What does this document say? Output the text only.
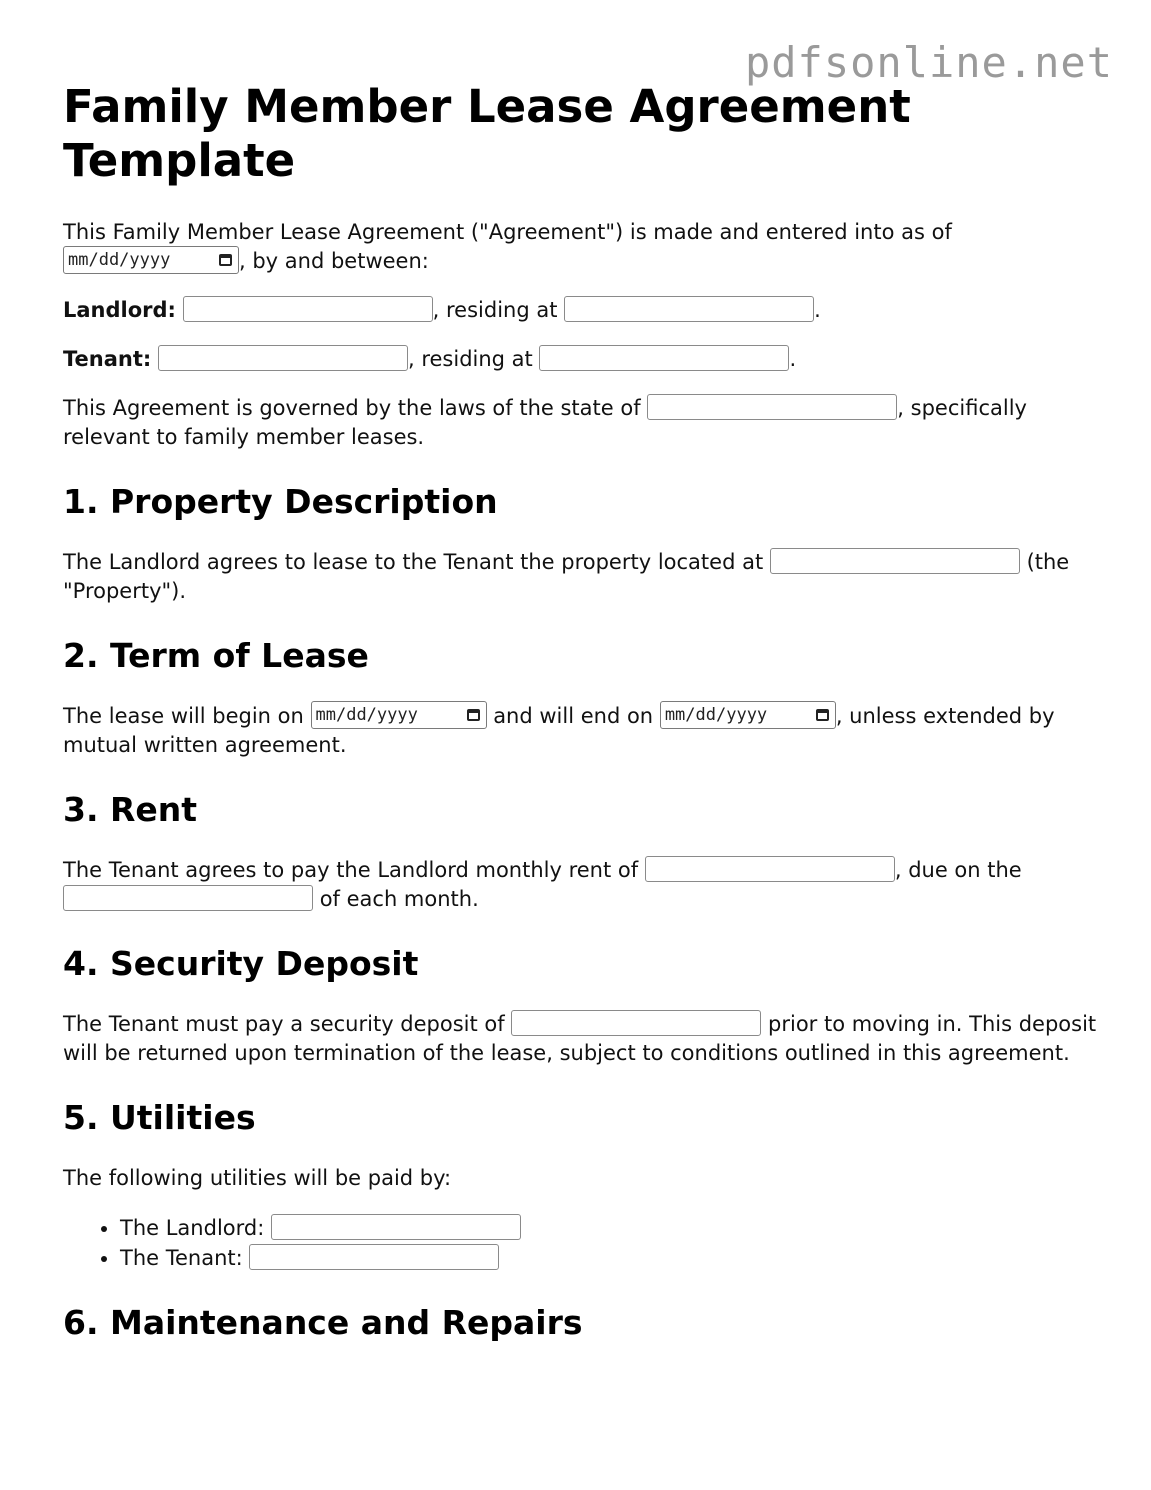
pdfsonline.net
Family Member Lease Agreement Template

This Family Member Lease Agreement ("Agreement") is made and entered into as of
mm/dd/yyyy	, by and between:

Landlord:	, residing at	.

Tenant:	, residing at	.

This Agreement is governed by the laws of the state of	, specifically relevant to family member leases.

1. Property Description

The Landlord agrees to lease to the Tenant the property located at	(the "Property").

2. Term of Lease

The lease will begin on mm/dd/yyyy	and will end on mm/dd/yyyy	, unless extended by mutual written agreement.

3. Rent

The Tenant agrees to pay the Landlord monthly rent of	, due on the  of each month.

4. Security Deposit

The Tenant must pay a security deposit of	prior to moving in. This deposit will be returned upon termination of the lease, subject to conditions outlined in this agreement.

5. Utilities

The following utilities will be paid by:

• The Landlord:
• The Tenant:
6. Maintenance and Repairs
